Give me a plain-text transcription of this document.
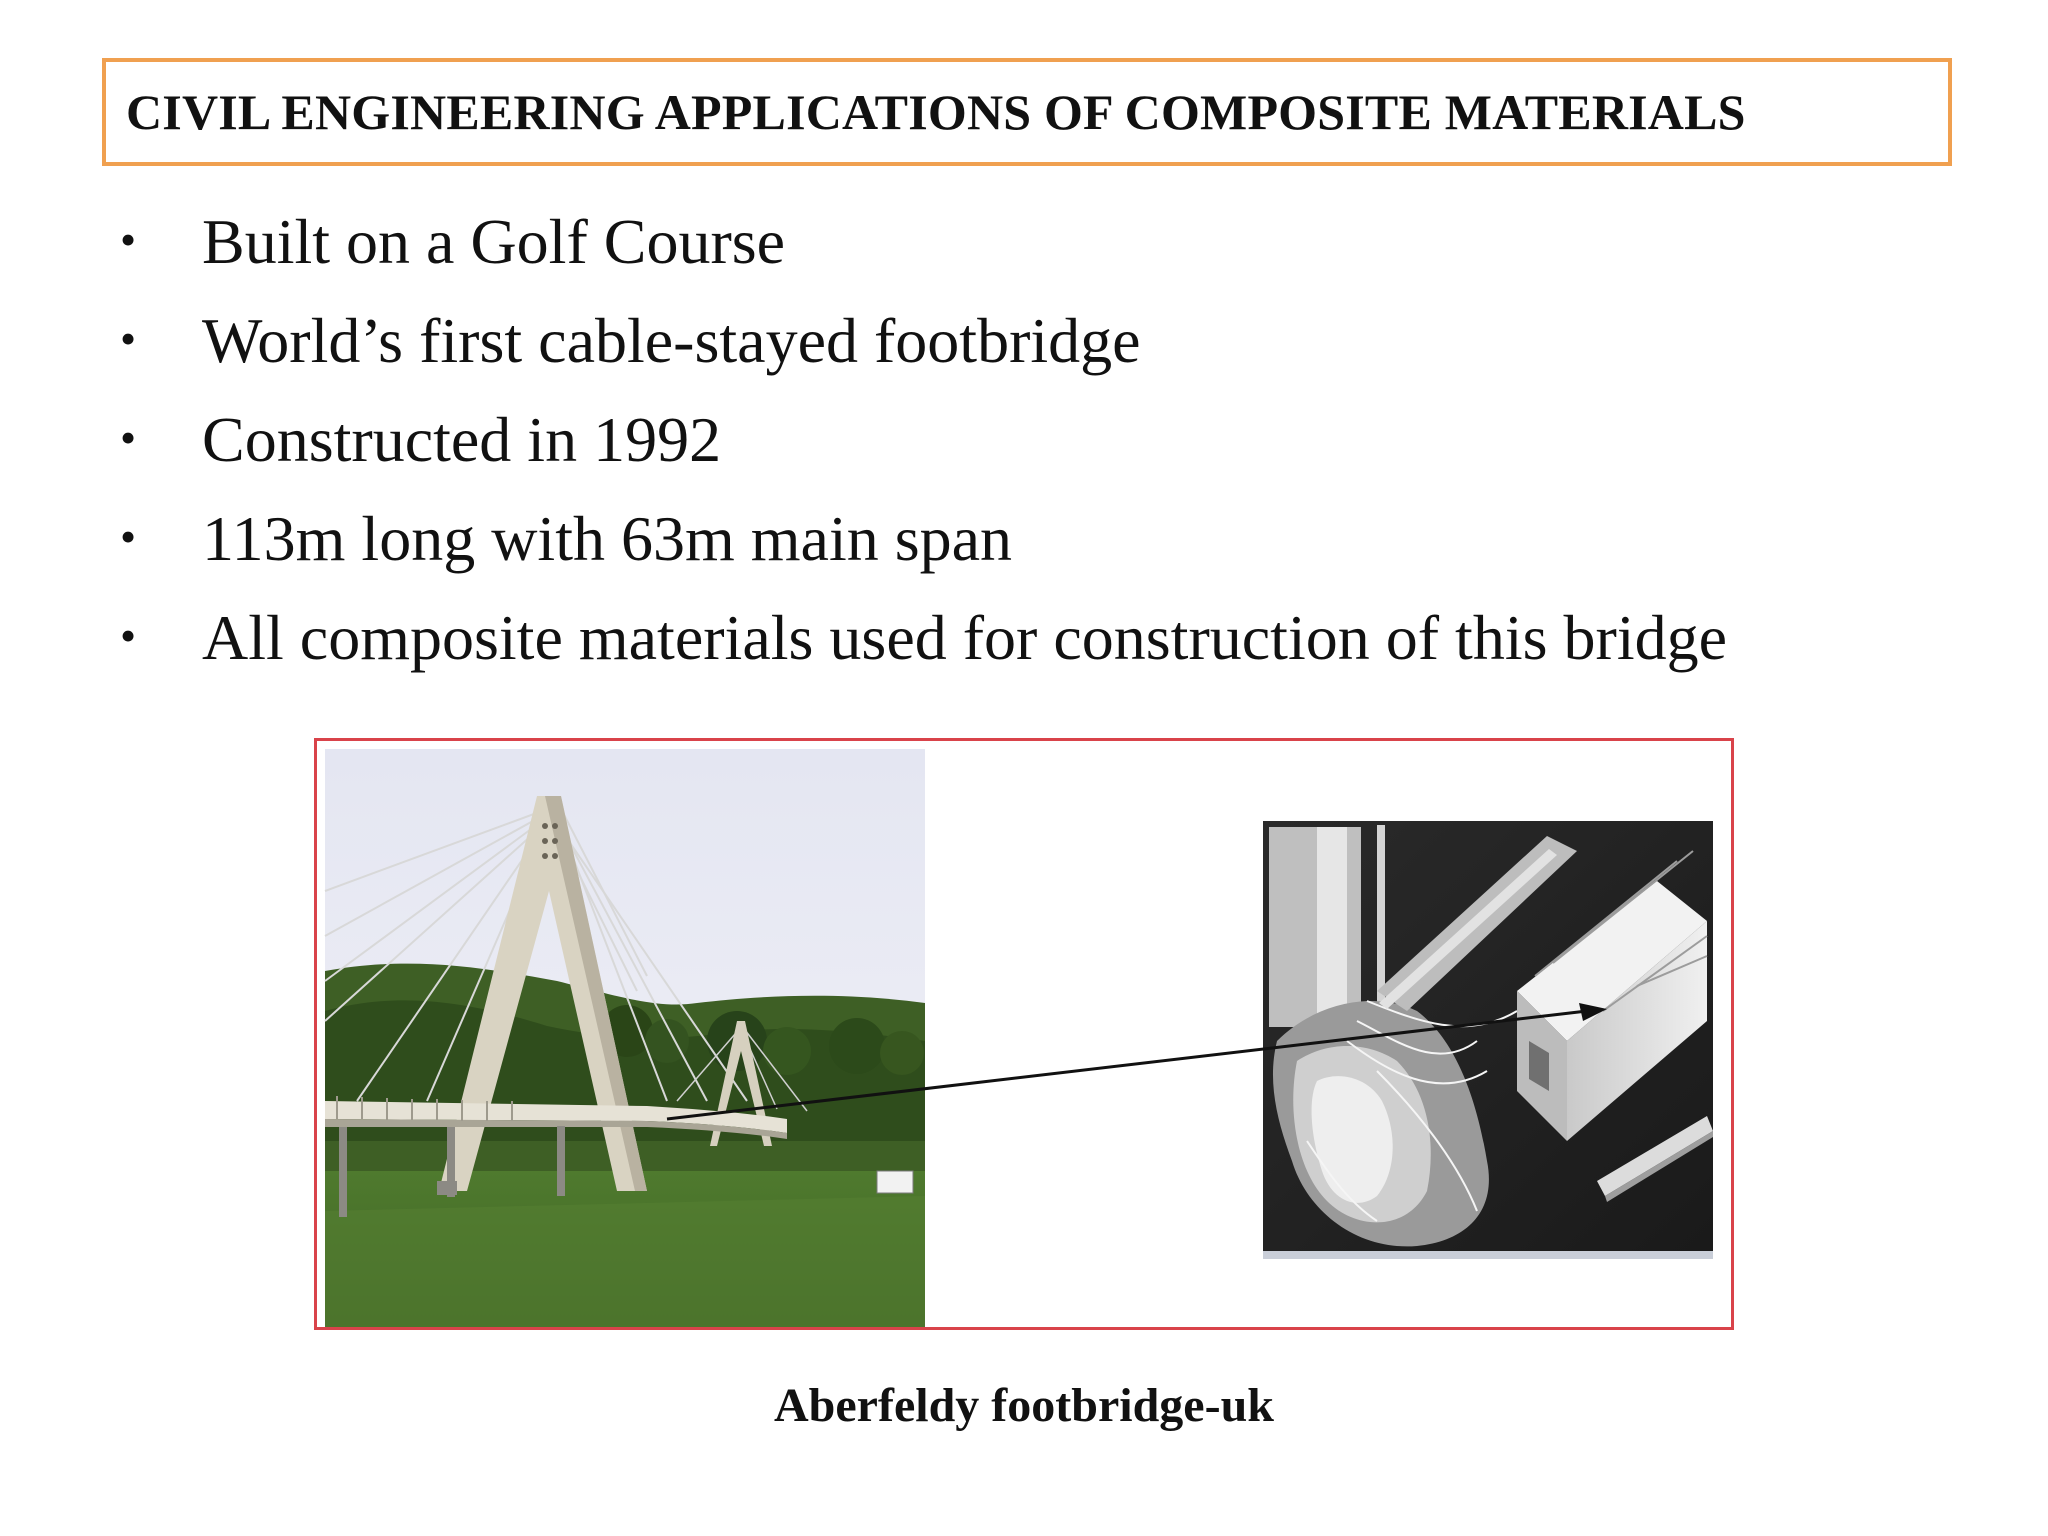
CIVIL ENGINEERING APPLICATIONS OF COMPOSITE MATERIALS
•	Built on a Golf Course
•	World’s first cable-stayed footbridge
•	Constructed in 1992
•	113m long with 63m main span
•	All composite materials used for construction of this bridge
Aberfeldy footbridge-uk
